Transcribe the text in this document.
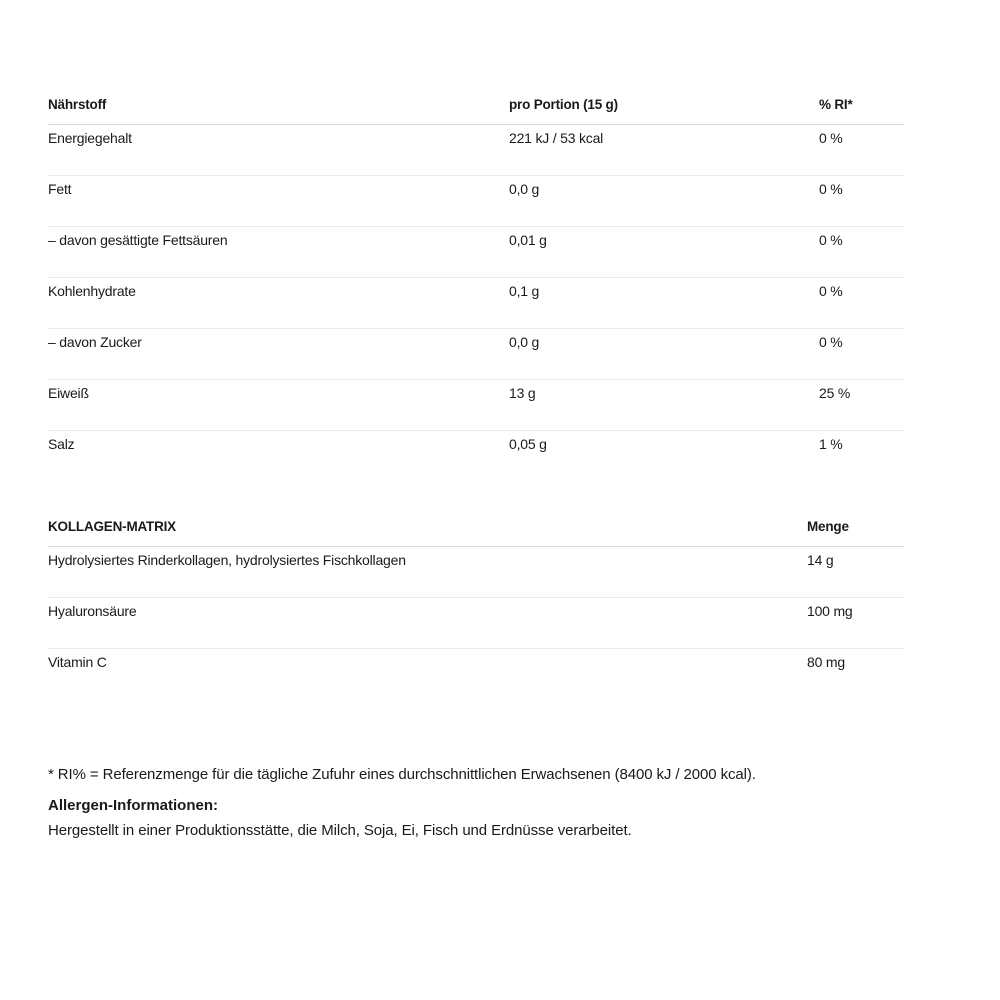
Nährstoff	pro Portion (15 g)	% RI*
Energiegehalt	221 kJ / 53 kcal	0 %
Fett	0,0 g	0 %
– davon gesättigte Fettsäuren	0,01 g	0 %
Kohlenhydrate	0,1 g	0 %
– davon Zucker	0,0 g	0 %
Eiweiß	13 g	25 %
Salz	0,05 g	1 %
KOLLAGEN-MATRIX	Menge
Hydrolysiertes Rinderkollagen, hydrolysiertes Fischkollagen	14 g
Hyaluronsäure	100 mg
Vitamin C	80 mg

* RI% = Referenzmenge für die tägliche Zufuhr eines durchschnittlichen Erwachsenen (8400 kJ / 2000 kcal).

Allergen-Informationen:

Hergestellt in einer Produktionsstätte, die Milch, Soja, Ei, Fisch und Erdnüsse verarbeitet.
